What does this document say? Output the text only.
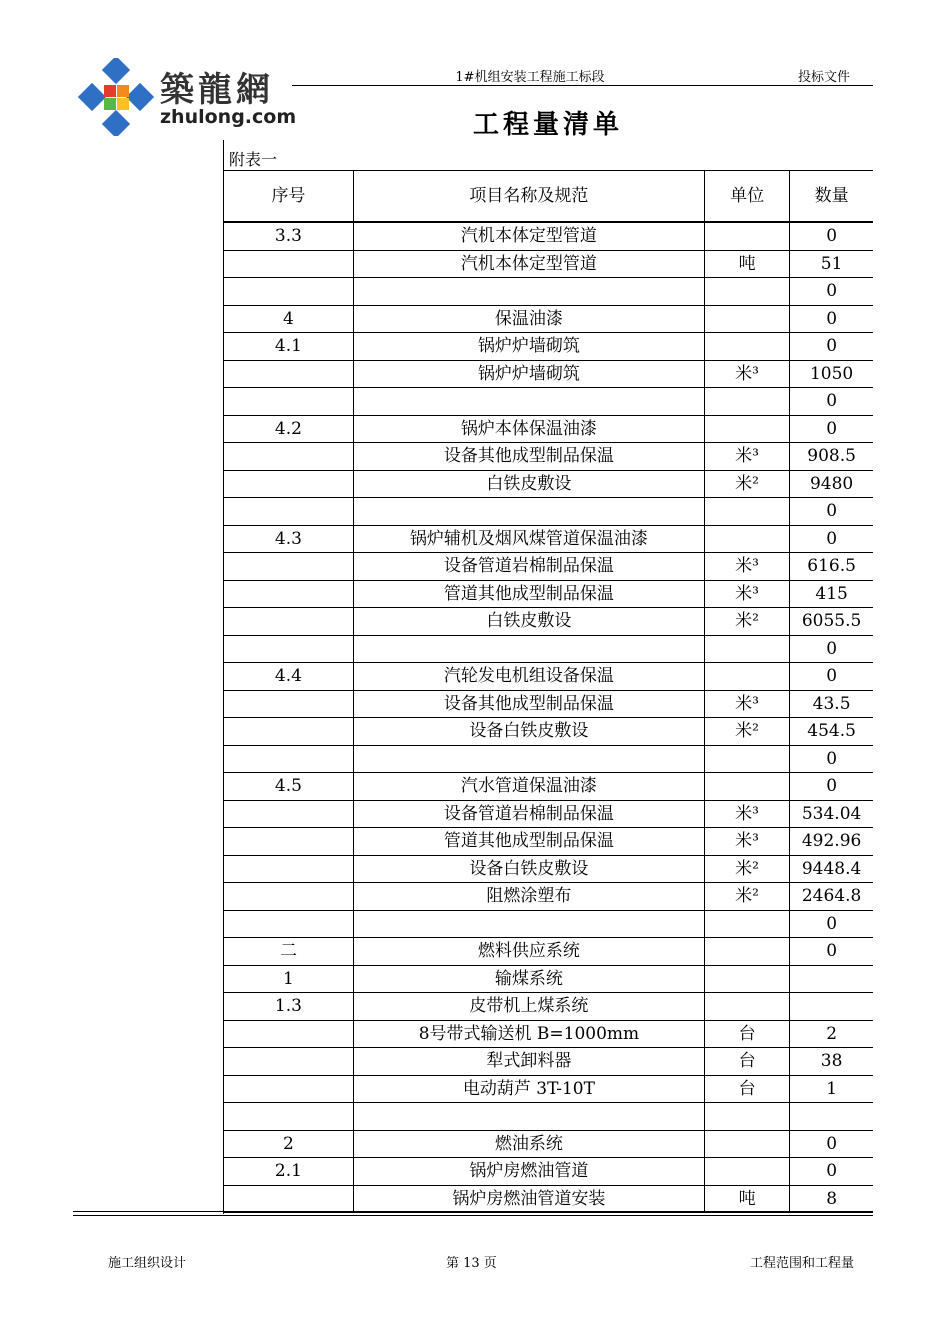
築龍網
zhulong.com
1#机组安装工程施工标段	投标文件
工程量清单
附表一
序号	项目名称及规范	单位	数量
3.3	汽机本体定型管道		0
	汽机本体定型管道	吨	51
			0
4	保温油漆		0
4.1	锅炉炉墙砌筑		0
	锅炉炉墙砌筑	米³	1050
			0
4.2	锅炉本体保温油漆		0
	设备其他成型制品保温	米³	908.5
	白铁皮敷设	米²	9480
			0
4.3	锅炉辅机及烟风煤管道保温油漆		0
	设备管道岩棉制品保温	米³	616.5
	管道其他成型制品保温	米³	415
	白铁皮敷设	米²	6055.5
			0
4.4	汽轮发电机组设备保温		0
	设备其他成型制品保温	米³	43.5
	设备白铁皮敷设	米²	454.5
			0
4.5	汽水管道保温油漆		0
	设备管道岩棉制品保温	米³	534.04
	管道其他成型制品保温	米³	492.96
	设备白铁皮敷设	米²	9448.4
	阻燃涂塑布	米²	2464.8
			0
二	燃料供应系统		0
1	输煤系统		
1.3	皮带机上煤系统		
	8号带式输送机 B=1000mm	台	2
	犁式卸料器	台	38
	电动葫芦 3T-10T	台	1

2	燃油系统		0
2.1	锅炉房燃油管道		0
	锅炉房燃油管道安装	吨	8
施工组织设计	第 13 页	工程范围和工程量
